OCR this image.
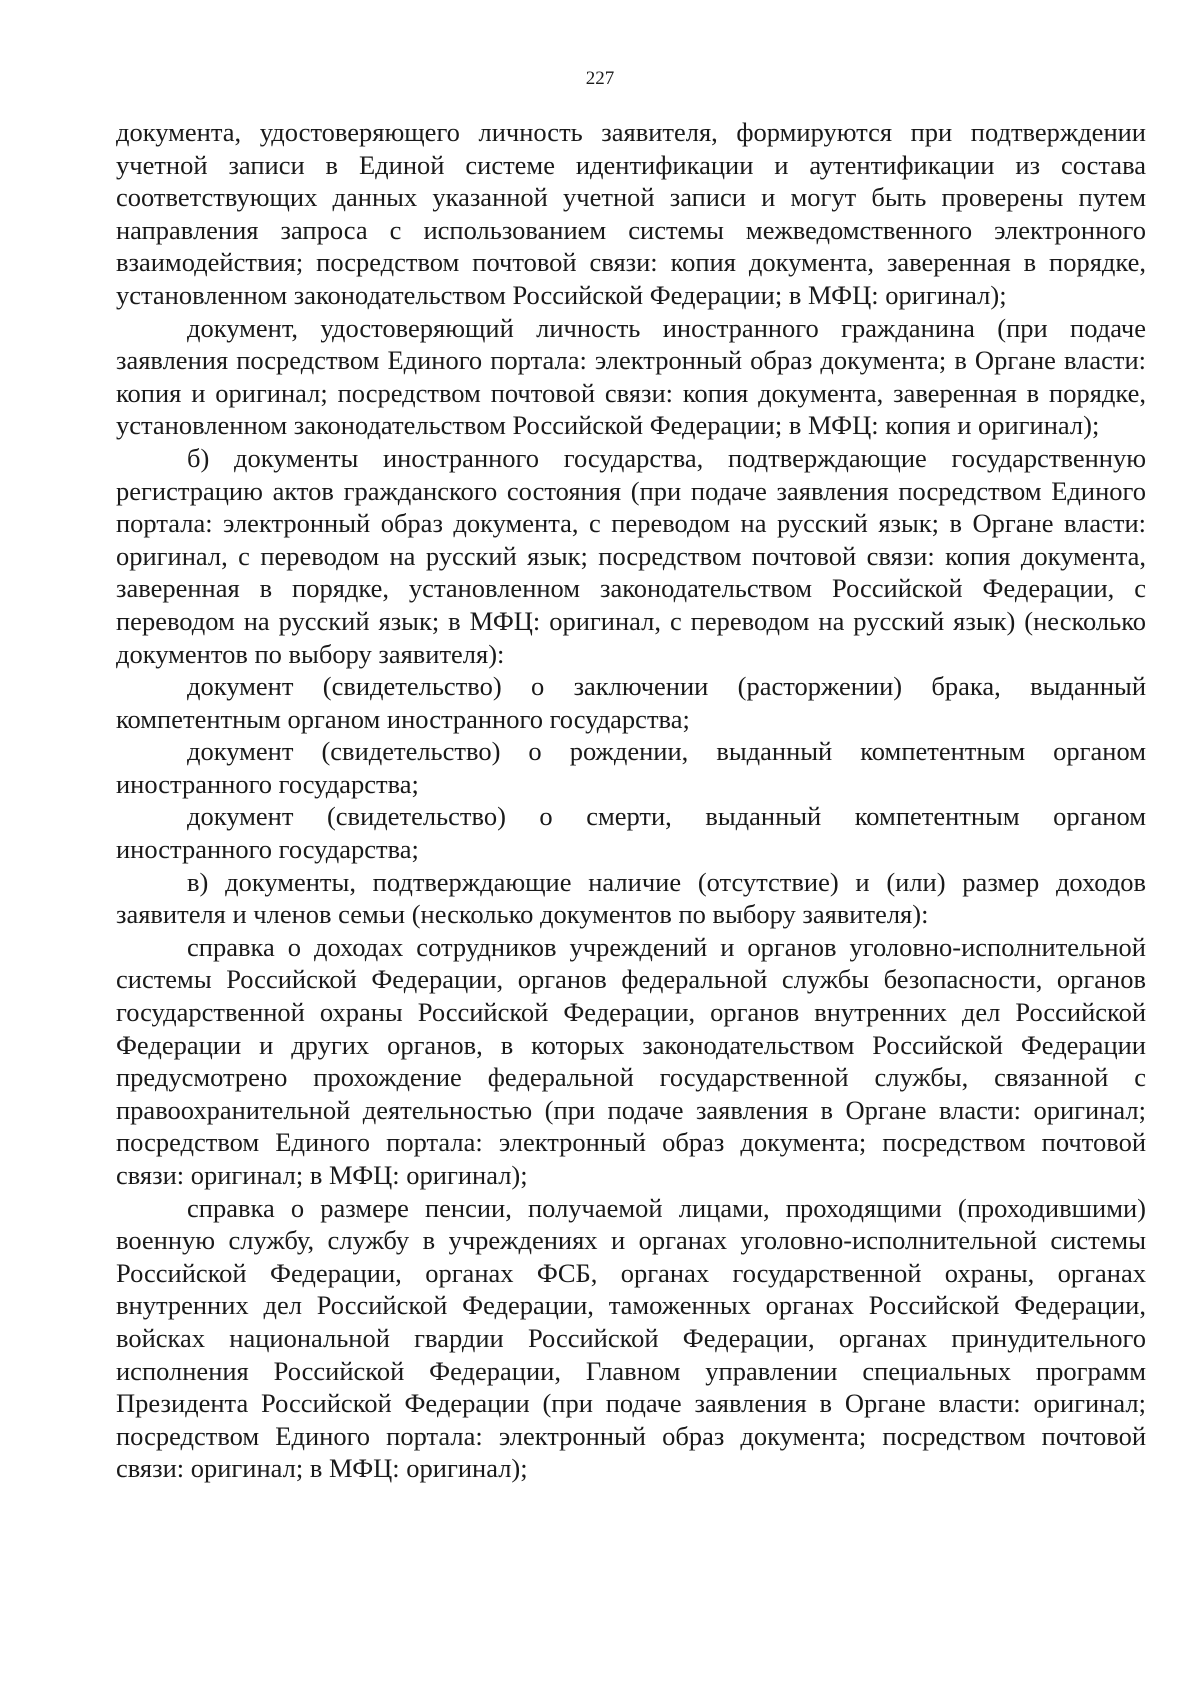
227

документа, удостоверяющего личность заявителя, формируются при подтверждении учетной записи в Единой системе идентификации и аутентификации из состава соответствующих данных указанной учетной записи и могут быть проверены путем направления запроса с использованием системы межведомственного электронного взаимодействия; посредством почтовой связи: копия документа, заверенная в порядке, установленном законодательством Российской Федерации; в МФЦ: оригинал);

документ, удостоверяющий личность иностранного гражданина (при подаче заявления посредством Единого портала: электронный образ документа; в Органе власти: копия и оригинал; посредством почтовой связи: копия документа, заверенная в порядке, установленном законодательством Российской Федерации; в МФЦ: копия и оригинал);

б) документы иностранного государства, подтверждающие государственную регистрацию актов гражданского состояния (при подаче заявления посредством Единого портала: электронный образ документа, с переводом на русский язык; в Органе власти: оригинал, с переводом на русский язык; посредством почтовой связи: копия документа, заверенная в порядке, установленном законодательством Российской Федерации, с переводом на русский язык; в МФЦ: оригинал, с переводом на русский язык) (несколько документов по выбору заявителя):

документ (свидетельство) о заключении (расторжении) брака, выданный компетентным органом иностранного государства;

документ (свидетельство) о рождении, выданный компетентным органом иностранного государства;

документ (свидетельство) о смерти, выданный компетентным органом иностранного государства;

в) документы, подтверждающие наличие (отсутствие) и (или) размер доходов заявителя и членов семьи (несколько документов по выбору заявителя):

справка о доходах сотрудников учреждений и органов уголовно-исполнительной системы Российской Федерации, органов федеральной службы безопасности, органов государственной охраны Российской Федерации, органов внутренних дел Российской Федерации и других органов, в которых законодательством Российской Федерации предусмотрено прохождение федеральной государственной службы, связанной с правоохранительной деятельностью (при подаче заявления в Органе власти: оригинал; посредством Единого портала: электронный образ документа; посредством почтовой связи: оригинал; в МФЦ: оригинал);

справка о размере пенсии, получаемой лицами, проходящими (проходившими) военную службу, службу в учреждениях и органах уголовно-исполнительной системы Российской Федерации, органах ФСБ, органах государственной охраны, органах внутренних дел Российской Федерации, таможенных органах Российской Федерации, войсках национальной гвардии Российской Федерации, органах принудительного исполнения Российской Федерации, Главном управлении специальных программ Президента Российской Федерации (при подаче заявления в Органе власти: оригинал; посредством Единого портала: электронный образ документа; посредством почтовой связи: оригинал; в МФЦ: оригинал);
